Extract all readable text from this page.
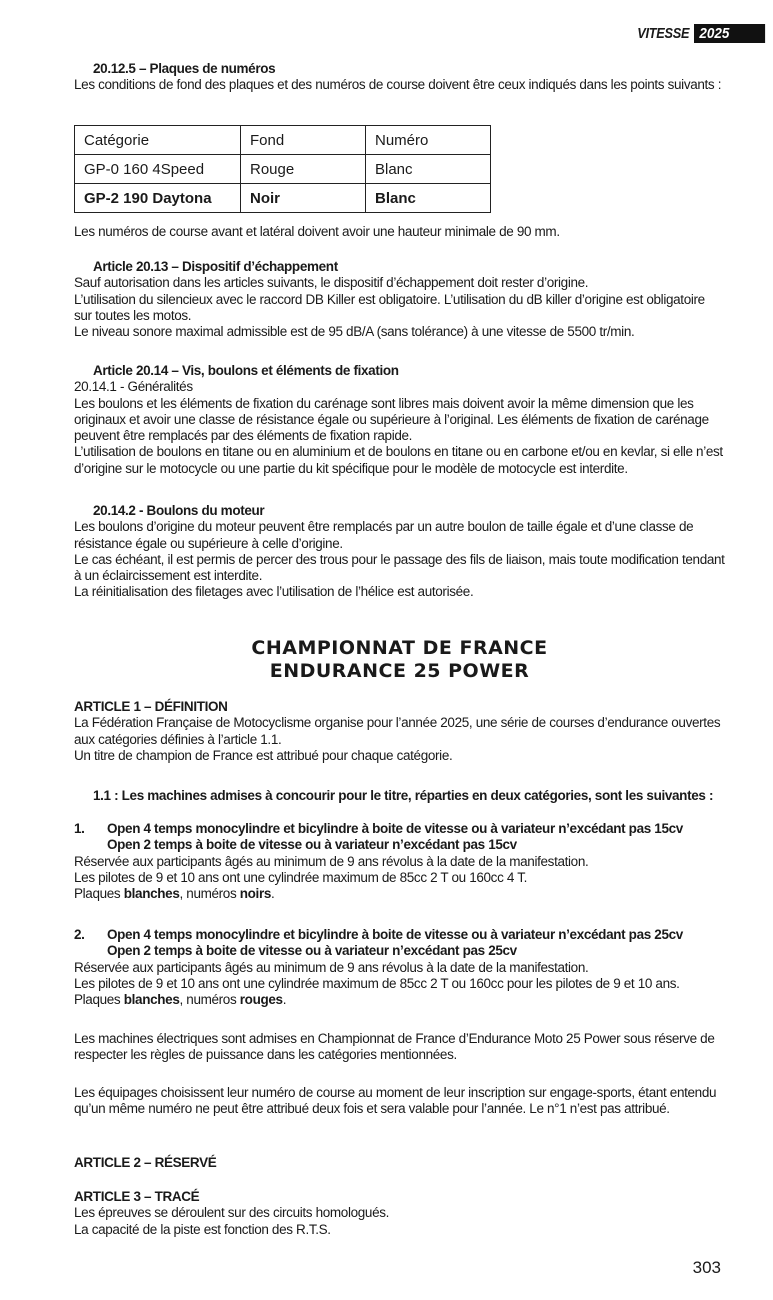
VITESSE 2025

20.12.5 – Plaques de numéros

Les conditions de fond des plaques et des numéros de course doivent être ceux indiqués dans les points suivants :

Catégorie	Fond	Numéro
GP-0 160 4Speed	Rouge	Blanc
GP-2 190 Daytona	Noir	Blanc

Les numéros de course avant et latéral doivent avoir une hauteur minimale de 90 mm.

Article 20.13 – Dispositif d’échappement

Sauf autorisation dans les articles suivants, le dispositif d’échappement doit rester d’origine.

L’utilisation du silencieux avec le raccord DB Killer est obligatoire. L’utilisation du dB killer d’origine est obligatoire sur toutes les motos.

Le niveau sonore maximal admissible est de 95 dB/A (sans tolérance) à une vitesse de 5500 tr/min.

Article 20.14 – Vis, boulons et éléments de fixation

20.14.1 - Généralités

Les boulons et les éléments de fixation du carénage sont libres mais doivent avoir la même dimension que les originaux et avoir une classe de résistance égale ou supérieure à l’original. Les éléments de fixation de carénage peuvent être remplacés par des éléments de fixation rapide.

L’utilisation de boulons en titane ou en aluminium et de boulons en titane ou en carbone et/ou en kevlar, si elle n’est d’origine sur le motocycle ou une partie du kit spécifique pour le modèle de motocycle est interdite.

20.14.2 - Boulons du moteur

Les boulons d’origine du moteur peuvent être remplacés par un autre boulon de taille égale et d’une classe de résistance égale ou supérieure à celle d’origine.

Le cas échéant, il est permis de percer des trous pour le passage des fils de liaison, mais toute modification tendant à un éclaircissement est interdite.

La réinitialisation des filetages avec l’utilisation de l’hélice est autorisée.

CHAMPIONNAT DE FRANCE
ENDURANCE 25 POWER

ARTICLE 1 – DÉFINITION

La Fédération Française de Motocyclisme organise pour l’année 2025, une série de courses d’endurance ouvertes aux catégories définies à l’article 1.1.

Un titre de champion de France est attribué pour chaque catégorie.

1.1 : Les machines admises à concourir pour le titre, réparties en deux catégories, sont les suivantes :

1.	Open 4 temps monocylindre et bicylindre à boite de vitesse ou à variateur n’excédant pas 15cv

Open 2 temps à boite de vitesse ou à variateur n’excédant pas 15cv

Réservée aux participants âgés au minimum de 9 ans révolus à la date de la manifestation.

Les pilotes de 9 et 10 ans ont une cylindrée maximum de 85cc 2 T ou 160cc 4 T.

Plaques blanches, numéros noirs.

2.	Open 4 temps monocylindre et bicylindre à boite de vitesse ou à variateur n’excédant pas 25cv

Open 2 temps à boite de vitesse ou à variateur n’excédant pas 25cv

Réservée aux participants âgés au minimum de 9 ans révolus à la date de la manifestation.

Les pilotes de 9 et 10 ans ont une cylindrée maximum de 85cc 2 T ou 160cc pour les pilotes de 9 et 10 ans.

Plaques blanches, numéros rouges.

Les machines électriques sont admises en Championnat de France d’Endurance Moto 25 Power sous réserve de respecter les règles de puissance dans les catégories mentionnées.

Les équipages choisissent leur numéro de course au moment de leur inscription sur engage-sports, étant entendu qu’un même numéro ne peut être attribué deux fois et sera valable pour l’année. Le n°1 n’est pas attribué.

ARTICLE 2 – RÉSERVÉ

ARTICLE 3 – TRACÉ

Les épreuves se déroulent sur des circuits homologués.

La capacité de la piste est fonction des R.T.S.

303
